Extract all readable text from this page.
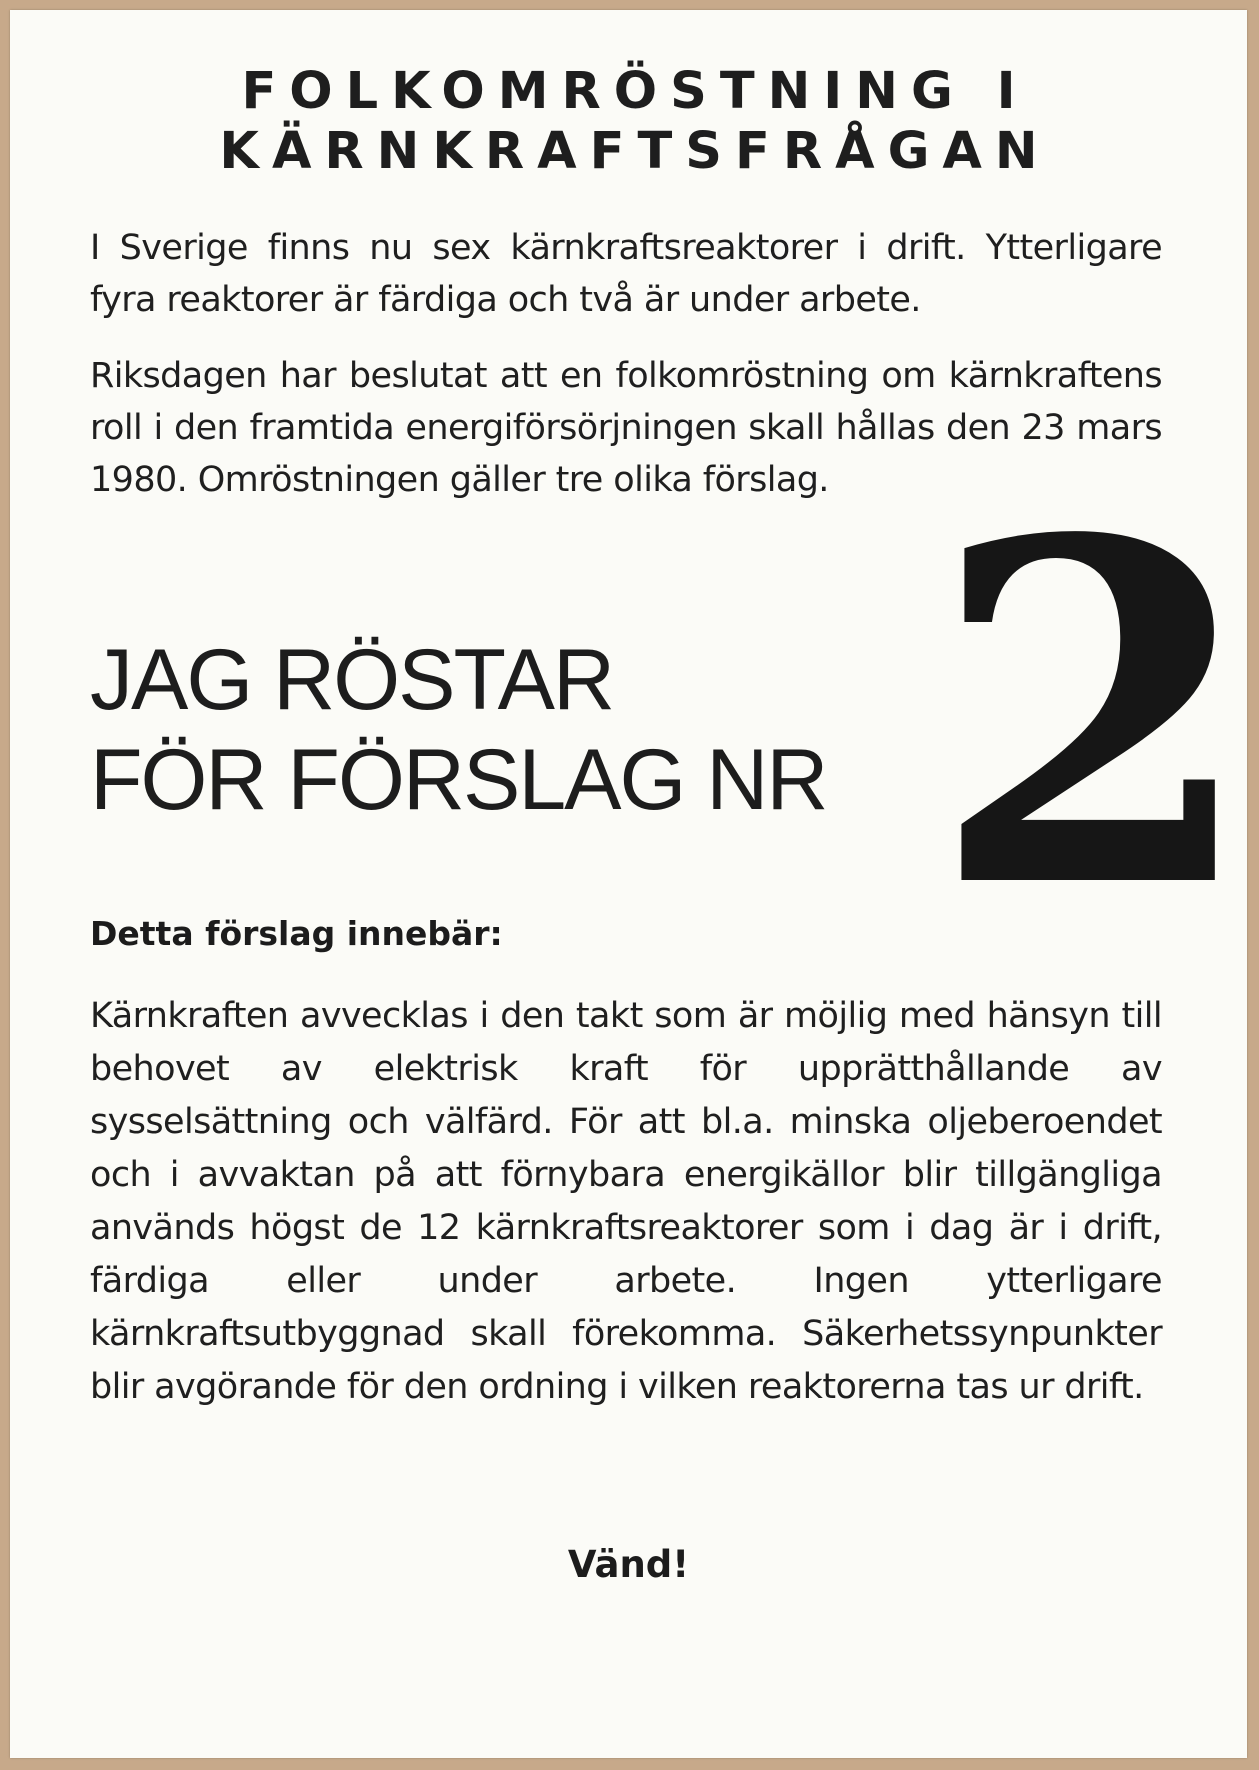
FOLKOMRÖSTNING I
KÄRNKRAFTSFRÅGAN
I Sverige finns nu sex kärnkraftsreaktorer i drift. Ytterligare fyra reaktorer är färdiga och två är under arbete.
Riksdagen har beslutat att en folkomröstning om kärnkraftens roll i den framtida energiförsörjningen skall hållas den 23 mars 1980. Omröstningen gäller tre olika förslag.
JAG RÖSTAR
FÖR FÖRSLAG NR 2
Detta förslag innebär:
Kärnkraften avvecklas i den takt som är möjlig med hänsyn till behovet av elektrisk kraft för upprätthållande av sysselsättning och välfärd. För att bl.a. minska oljeberoendet och i avvaktan på att förnybara energikällor blir tillgängliga används högst de 12 kärnkraftsreaktorer som i dag är i drift, färdiga eller under arbete. Ingen ytterligare kärnkraftsutbyggnad skall förekomma. Säkerhetssynpunkter blir avgörande för den ordning i vilken reaktorerna tas ur drift.
Vänd!
